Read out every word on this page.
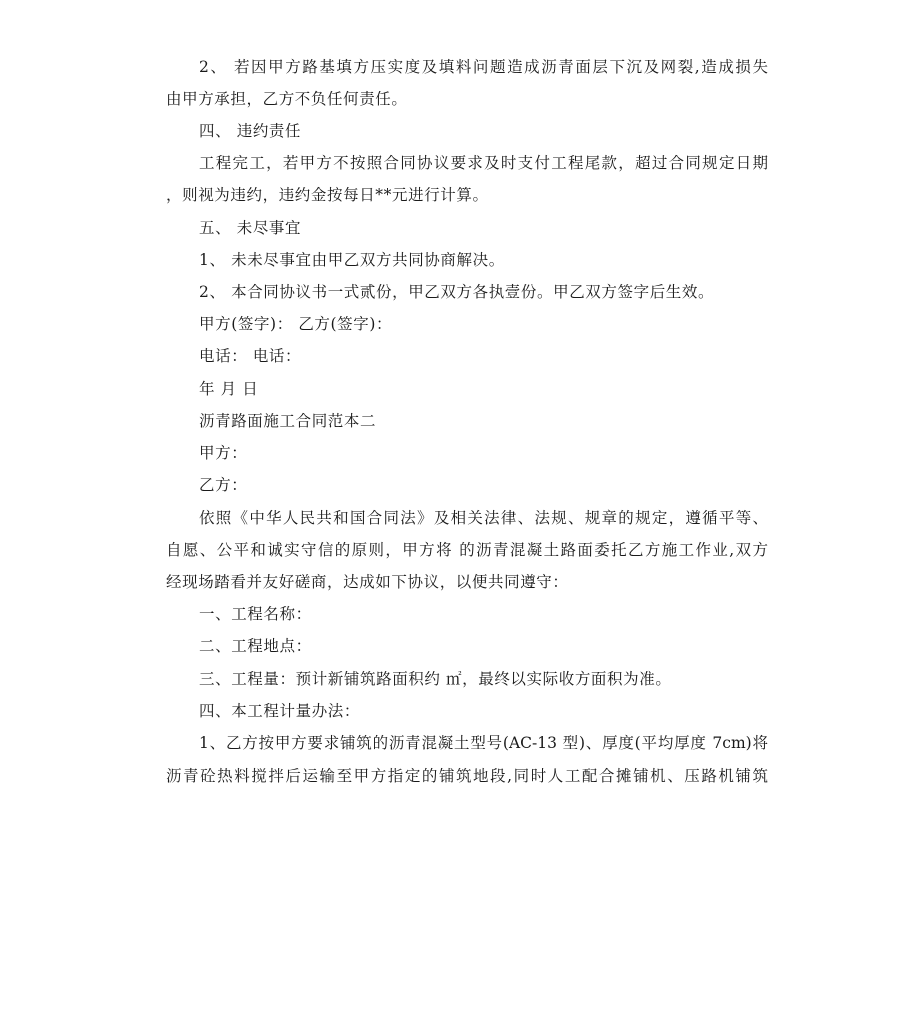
2、 若因甲方路基填方压实度及填料问题造成沥青面层下沉及网裂,造成损失

由甲方承担，乙方不负任何责任。

四、 违约责任

工程完工，若甲方不按照合同协议要求及时支付工程尾款，超过合同规定日期

，则视为违约，违约金按每日**元进行计算。

五、 未尽事宜

1、 未未尽事宜由甲乙双方共同协商解决。

2、 本合同协议书一式贰份，甲乙双方各执壹份。甲乙双方签字后生效。

甲方(签字)： 乙方(签字)：

电话： 电话：

年 月 日

沥青路面施工合同范本二

甲方：

乙方：

依照《中华人民共和国合同法》及相关法律、法规、规章的规定，遵循平等、

自愿、公平和诚实守信的原则，甲方将 的沥青混凝土路面委托乙方施工作业,双方

经现场踏看并友好磋商，达成如下协议，以便共同遵守：

一、工程名称：

二、工程地点：

三、工程量：预计新铺筑路面积约 ㎡，最终以实际收方面积为准。

四、本工程计量办法：

1、乙方按甲方要求铺筑的沥青混凝土型号(AC-13 型)、厚度(平均厚度 7cm)将

沥青砼热料搅拌后运输至甲方指定的铺筑地段,同时人工配合摊铺机、压路机铺筑
